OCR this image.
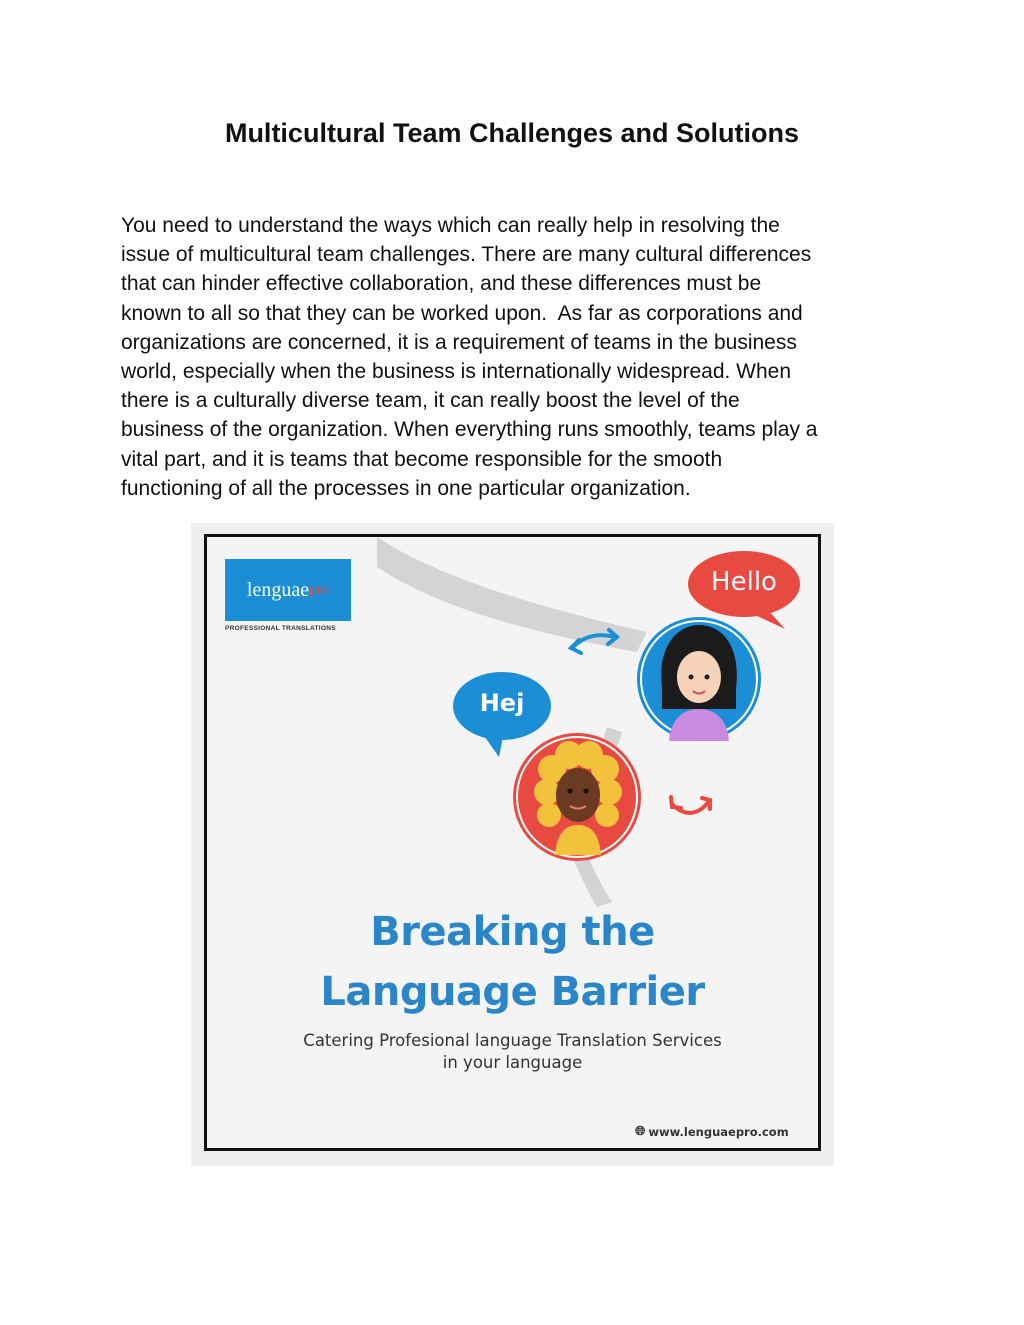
Multicultural Team Challenges and Solutions
You need to understand the ways which can really help in resolving the
issue of multicultural team challenges. There are many cultural differences
that can hinder effective collaboration, and these differences must be
known to all so that they can be worked upon.  As far as corporations and
organizations are concerned, it is a requirement of teams in the business
world, especially when the business is internationally widespread. When
there is a culturally diverse team, it can really boost the level of the
business of the organization. When everything runs smoothly, teams play a
vital part, and it is teams that become responsible for the smooth
functioning of all the processes in one particular organization.
lenguae pro
PROFESSIONAL TRANSLATIONS
Hello
Hej
Breaking the
Language Barrier
Catering Profesional language Translation Services
in your language
🌐︎ www.lenguaepro.com
